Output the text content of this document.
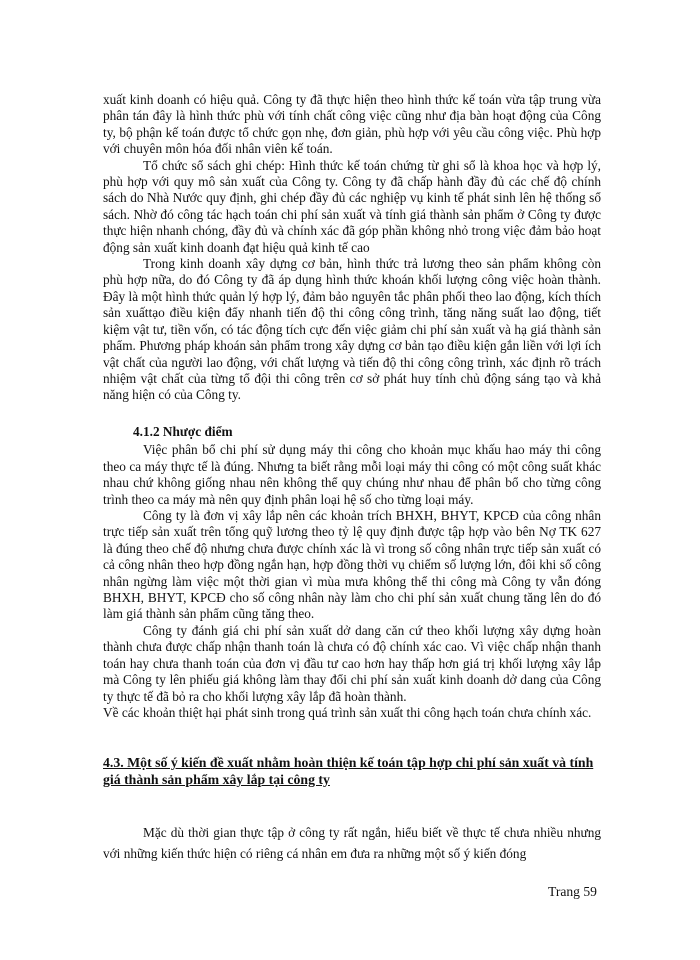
xuất kinh doanh có hiệu quả. Công ty đã thực hiện theo hình thức kế toán vừa tập trung vừa phân tán đây là hình thức phù với tính chất công việc cũng như địa bàn hoạt động của Công ty, bộ phận kế toán được tổ chức gọn nhẹ, đơn giản, phù hợp với yêu cầu công việc. Phù hợp với chuyên môn hóa đối nhân viên kế toán.

Tổ chức sổ sách ghi chép: Hình thức kế toán chứng từ ghi sổ là khoa học và hợp lý, phù hợp với quy mô sản xuất của Công ty. Công ty đã chấp hành đầy đủ các chế độ chính sách do Nhà Nước quy định, ghi chép đầy đủ các nghiệp vụ kinh tế phát sinh lên hệ thống sổ sách. Nhờ đó công tác hạch toán chi phí sản xuất và tính giá thành sản phẩm ở Công ty được thực hiện nhanh chóng, đầy đủ và chính xác đã góp phần không nhỏ trong việc đảm bảo hoạt động sản xuất kinh doanh đạt hiệu quả kinh tế cao

Trong kinh doanh xây dựng cơ bản, hình thức trả lương theo sản phẩm không còn phù hợp nữa, do đó Công ty đã áp dụng hình thức khoán khối lượng công việc hoàn thành. Đây là một hình thức quản lý hợp lý, đảm bảo nguyên tắc phân phối theo lao động, kích thích sản xuấttạo điều kiện đẩy nhanh tiến độ thi công công trình, tăng năng suất lao động, tiết kiệm vật tư, tiền vốn, có tác động tích cực đến việc giảm chi phí sản xuất và hạ giá thành sản phẩm. Phương pháp khoán sản phẩm trong xây dựng cơ bản tạo điều kiện gắn liền với lợi ích vật chất của người lao động, với chất lượng và tiến độ thi công công trình, xác định rõ trách nhiệm vật chất của từng tổ đội thi công trên cơ sở phát huy tính chủ động sáng tạo và khả năng hiện có của Công ty.

4.1.2 Nhược điểm

Việc phân bổ chi phí sử dụng máy thi công cho khoản mục khấu hao máy thi công theo ca máy thực tế là đúng. Nhưng ta biết rằng mỗi loại máy thi công có một công suất khác nhau chứ không giống nhau nên không thể quy chúng như nhau để phân bổ cho từng công trình theo ca máy mà nên quy định phân loại hệ số cho từng loại máy.

Công ty là đơn vị xây lắp nên các khoản trích BHXH, BHYT, KPCĐ của công nhân trực tiếp sản xuất trên tổng quỹ lương theo tỷ lệ quy định được tập hợp vào bên Nợ TK 627 là đúng theo chế độ nhưng chưa được chính xác là vì trong số công nhân trực tiếp sản xuất có cả công nhân theo hợp đồng ngắn hạn, hợp đồng thời vụ chiếm số lượng lớn, đôi khi số công nhân ngừng làm việc một thời gian vì mùa mưa không thể thi công mà Công ty vẫn đóng BHXH, BHYT, KPCĐ cho số công nhân này làm cho chi phí sản xuất chung tăng lên do đó làm giá thành sản phẩm cũng tăng theo.

Công ty đánh giá chi phí sản xuất dở dang căn cứ theo khối lượng xây dựng hoàn thành chưa được chấp nhận thanh toán là chưa có độ chính xác cao. Vì việc chấp nhận thanh toán hay chưa thanh toán của đơn vị đầu tư cao hơn hay thấp hơn giá trị khối lượng xây lắp mà Công ty lên phiếu giá không làm thay đổi chi phí sản xuất kinh doanh dở dang của Công ty thực tế đã bỏ ra cho khối lượng xây lắp đã hoàn thành.

Về các khoản thiệt hại phát sinh trong quá trình sản xuất thi công hạch toán chưa chính xác.

4.3. Một số ý kiến đề xuất nhằm hoàn thiện kế toán tập hợp chi phí sản xuất và tính giá thành sản phẩm xây lắp tại công ty

Mặc dù thời gian thực tập ở công ty rất ngắn, hiểu biết về thực tế chưa nhiều nhưng với những kiến thức hiện có riêng cá nhân em đưa ra những một số ý kiến đóng

Trang 59
